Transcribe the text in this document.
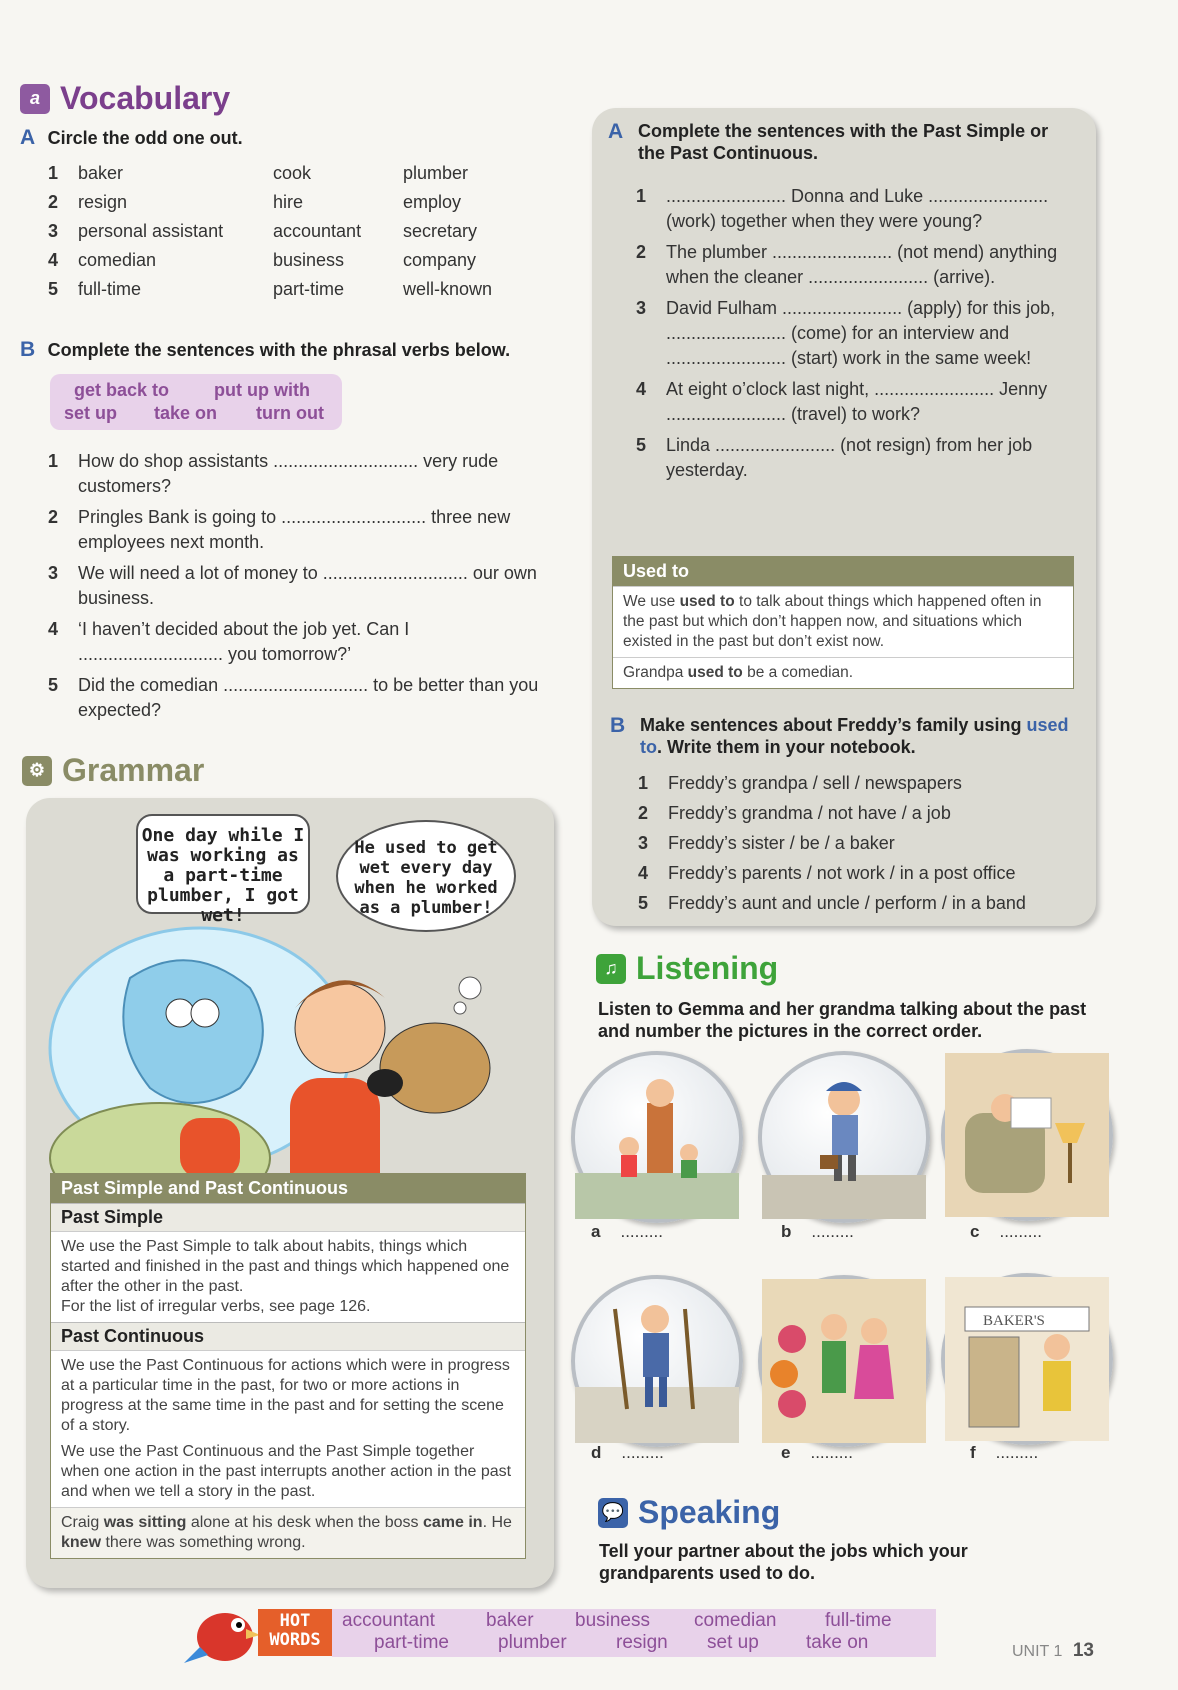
a Vocabulary
A Circle the odd one out.
1	baker	cook	plumber
2	resign	hire	employ
3	personal assistant	accountant	secretary
4	comedian	business	company
5	full-time	part-time	well-known
B Complete the sentences with the phrasal verbs below.
get back to put up with
set up take on turn out
1	How do shop assistants ............................. very rude customers?
2	Pringles Bank is going to ............................. three new employees next month.
3	We will need a lot of money to ............................. our own business.
4	‘I haven’t decided about the job yet. Can I ............................. you tomorrow?’
5	Did the comedian ............................. to be better than you expected?
⚙ Grammar
One day while I was working as a part-time plumber, I got wet!
He used to get wet every day when he worked as a plumber!
Past Simple and Past Continuous
Past Simple
We use the Past Simple to talk about habits, things which started and finished in the past and things which happened one after the other in the past.
For the list of irregular verbs, see page 126.
Past Continuous
We use the Past Continuous for actions which were in progress at a particular time in the past, for two or more actions in progress at the same time in the past and for setting the scene of a story.
We use the Past Continuous and the Past Simple together when one action in the past interrupts another action in the past and when we tell a story in the past.
Craig was sitting alone at his desk when the boss came in. He knew there was something wrong.
A Complete the sentences with the Past Simple or the Past Continuous.
1	........................ Donna and Luke ........................ (work) together when they were young?
2	The plumber ........................ (not mend) anything when the cleaner ........................ (arrive).
3	David Fulham ........................ (apply) for this job, ........................ (come) for an interview and ........................ (start) work in the same week!
4	At eight o’clock last night, ........................ Jenny ........................ (travel) to work?
5	Linda ........................ (not resign) from her job yesterday.
Used to
We use used to to talk about things which happened often in the past but which don’t happen now, and situations which existed in the past but don’t exist now.
Grandpa used to be a comedian.
B Make sentences about Freddy’s family using used to. Write them in your notebook.
1	Freddy’s grandpa / sell / newspapers
2	Freddy’s grandma / not have / a job
3	Freddy’s sister / be / a baker
4	Freddy’s parents / not work / in a post office
5	Freddy’s aunt and uncle / perform / in a band
♫ Listening
Listen to Gemma and her grandma talking about the past and number the pictures in the correct order.
a .........	b .........	c .........
BAKER'S
d .........	e .........	f .........
💬 Speaking
Tell your partner about the jobs which your grandparents used to do.
HOT
WORDS
accountant	baker business comedian	full-time
part-time	plumber	resign set up take on	UNIT 1 13
